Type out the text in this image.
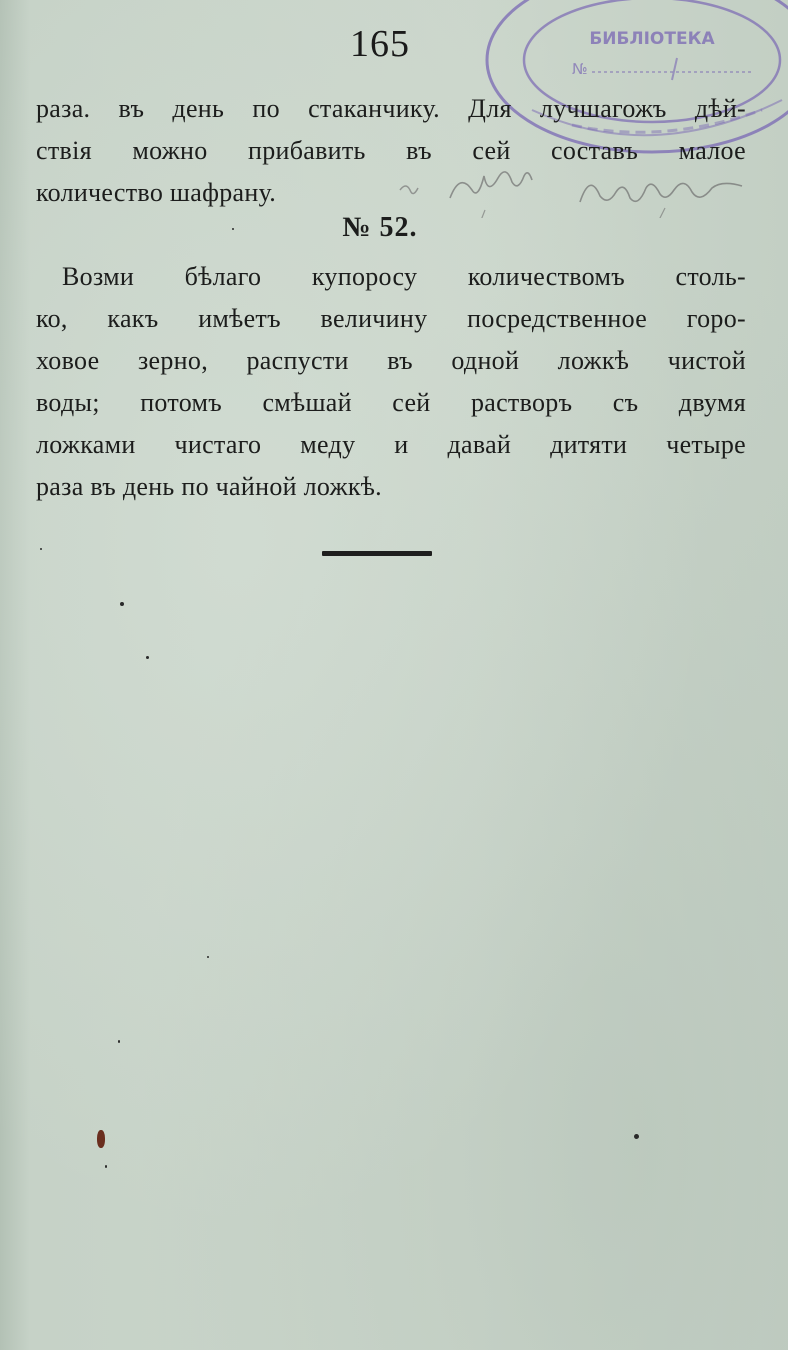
БИБЛІОТЕКА
№
165
раза. въ день по стаканчику. Для лучшагожъ дѣй-
ствія можно прибавить въ сей составъ малое
количество шафрану.
№ 52.
Возми бѣлаго купоросу количествомъ столь-
ко, какъ имѣетъ величину посредственное горо-
ховое зерно, распусти въ одной ложкѣ чистой
воды; потомъ смѣшай сей растворъ съ двумя
ложками чистаго меду и давай дитяти четыре
раза въ день по чайной ложкѣ.
